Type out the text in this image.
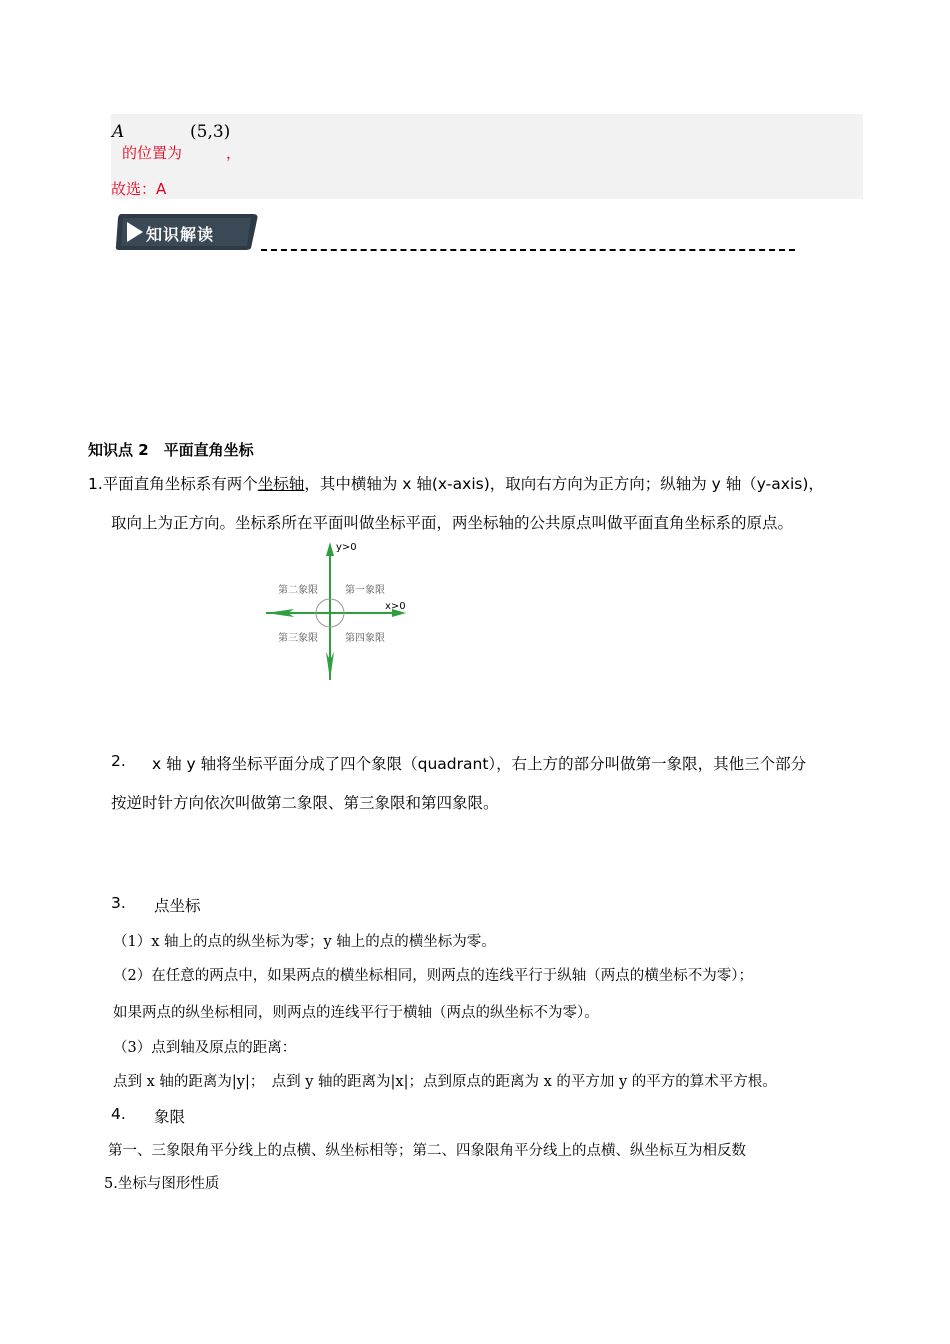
A	(5,3)
的位置为	，
故选：A
知识解读
知识点 2　平面直角坐标
1.平面直角坐标系有两个坐标轴，其中横轴为 x 轴(x-axis)，取向右方向为正方向；纵轴为 y 轴（y-axis)，
取向上为正方向。坐标系所在平面叫做坐标平面，两坐标轴的公共原点叫做平面直角坐标系的原点。
y>0
x>0
第二象限	第一象限
第三象限	第四象限
2. x 轴 y 轴将坐标平面分成了四个象限（quadrant），右上方的部分叫做第一象限，其他三个部分
按逆时针方向依次叫做第二象限、第三象限和第四象限。
3. 点坐标
（1）x 轴上的点的纵坐标为零；y 轴上的点的横坐标为零。
（2）在任意的两点中，如果两点的横坐标相同，则两点的连线平行于纵轴（两点的横坐标不为零）；
如果两点的纵坐标相同，则两点的连线平行于横轴（两点的纵坐标不为零）。
（3）点到轴及原点的距离：
点到 x 轴的距离为|y|；　点到 y 轴的距离为|x|；点到原点的距离为 x 的平方加 y 的平方的算术平方根。
4. 象限
第一、三象限角平分线上的点横、纵坐标相等；第二、四象限角平分线上的点横、纵坐标互为相反数
5.坐标与图形性质
